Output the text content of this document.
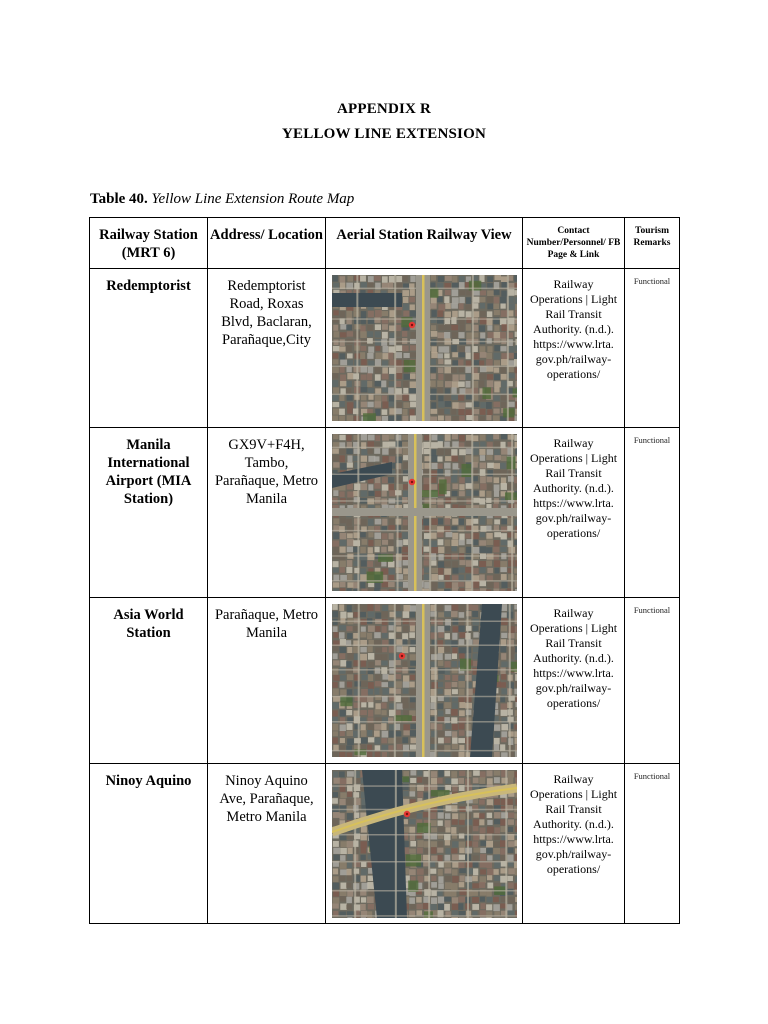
APPENDIX R
YELLOW LINE EXTENSION
Table 40. Yellow Line Extension Route Map
Railway Station (MRT 6)	Address/ Location	Aerial Station Railway View	Contact Number/Personnel/ FB Page & Link	Tourism Remarks

Redemptorist	Redemptorist Road, Roxas Blvd, Baclaran, Parañaque,City		Railway Operations | Light Rail Transit Authority. (n.d.). https://www.lrta. gov.ph/railway-operations/	Functional

Manila International Airport (MIA Station)	GX9V+F4H, Tambo, Parañaque, Metro Manila		Railway Operations | Light Rail Transit Authority. (n.d.). https://www.lrta. gov.ph/railway-operations/	Functional

Asia World Station	Parañaque, Metro Manila		Railway Operations | Light Rail Transit Authority. (n.d.). https://www.lrta. gov.ph/railway-operations/	Functional

Ninoy Aquino	Ninoy Aquino Ave, Parañaque, Metro Manila		Railway Operations | Light Rail Transit Authority. (n.d.). https://www.lrta. gov.ph/railway-operations/	Functional
